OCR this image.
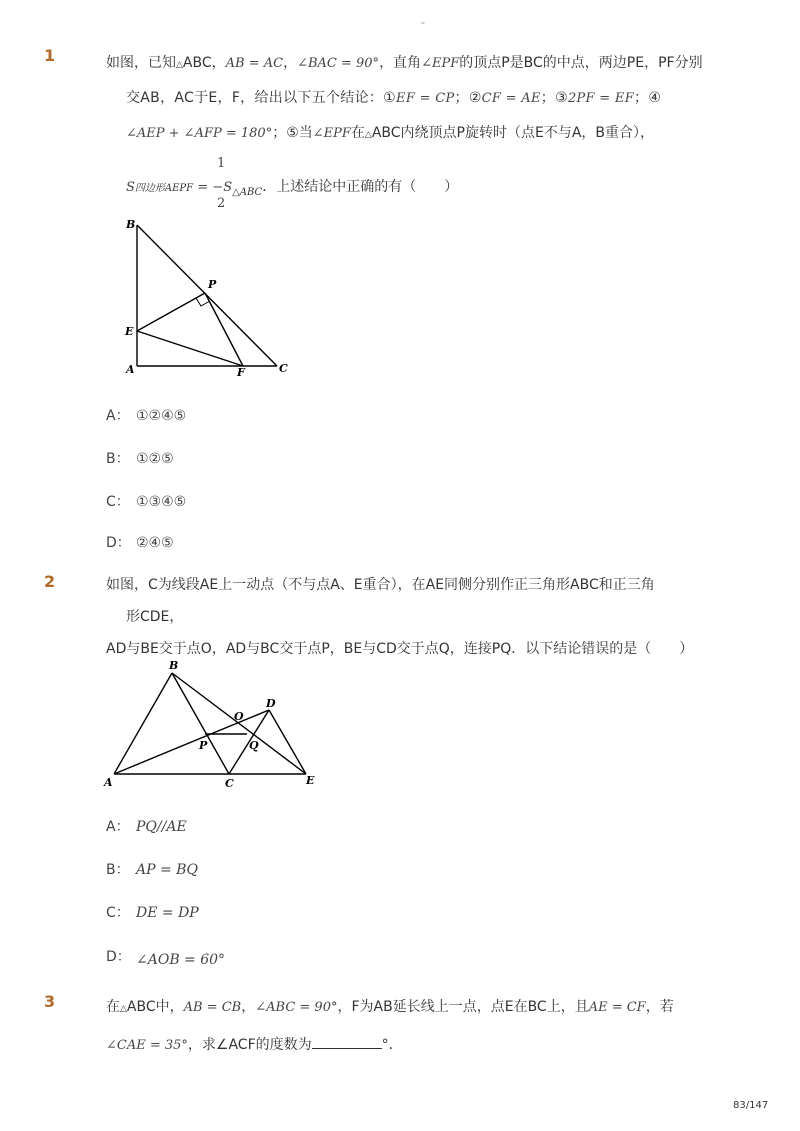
-
1	如图，已知△ABC，AB = AC，∠BAC = 90°，直角∠EPF的顶点P是BC的中点，两边PE，PF分别
交AB，AC于E，F，给出以下五个结论：①EF = CP；②CF = AE；③2PF = EF；④
∠AEP + ∠AFP = 180°；⑤当∠EPF在△ABC内绕顶点P旋转时（点E不与A，B重合），
1
2
S四边形AEPF = $-S_{\triangle ABC}$．上述结论中正确的有（　　）
B
P
E
A	F	C
A： ①②④⑤
B： ①②⑤
C： ①③④⑤
D： ②④⑤
2	如图，C为线段AE上一动点（不与点A、E重合），在AE同侧分别作正三角形ABC和正三角
形CDE，
AD与BE交于点O，AD与BC交于点P，BE与CD交于点Q，连接PQ．以下结论错误的是（　　）
B
D
O
P	Q
A	C	E
A： PQ//AE
B： AP = BQ
C： DE = DP
D： ∠AOB = 60°
3	在△ABC中，AB = CB，∠ABC = 90°，F为AB延长线上一点，点E在BC上，且AE = CF，若
∠CAE = 35°，求∠ACF的度数为	°．
83/147
